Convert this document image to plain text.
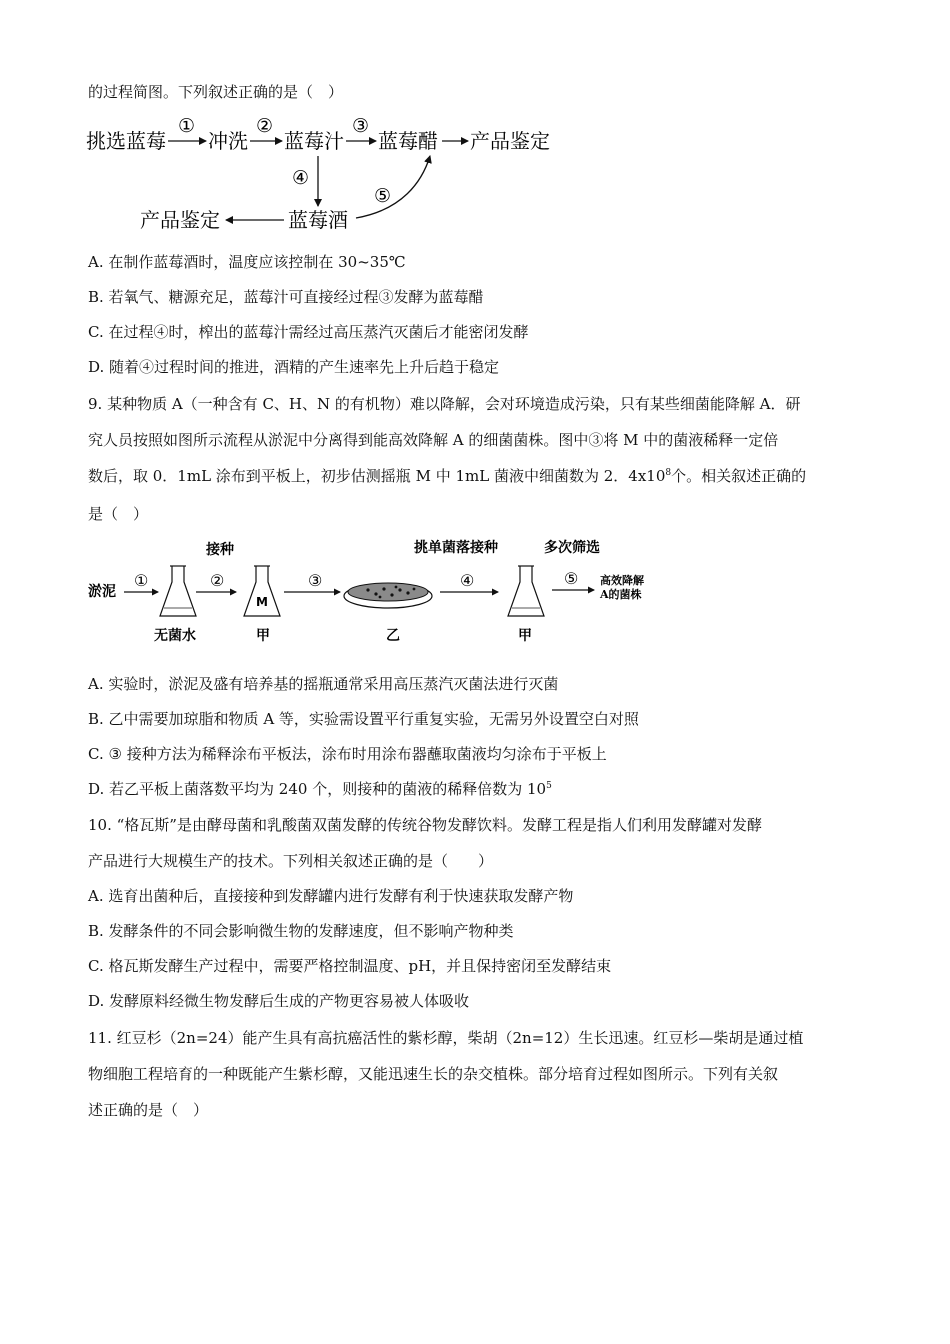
的过程简图。下列叙述正确的是（　）
挑选蓝莓 冲洗 蓝莓汁 蓝莓醋 产品鉴定
蓝莓酒
产品鉴定
①	②	③
④
⑤
A. 在制作蓝莓酒时，温度应该控制在 30~35℃
B. 若氧气、糖源充足，蓝莓汁可直接经过程③发酵为蓝莓醋
C. 在过程④时，榨出的蓝莓汁需经过高压蒸汽灭菌后才能密闭发酵
D. 随着④过程时间的推进，酒精的产生速率先上升后趋于稳定
9. 某种物质 A（一种含有 C、H、N 的有机物）难以降解，会对环境造成污染，只有某些细菌能降解 A．研
究人员按照如图所示流程从淤泥中分离得到能高效降解 A 的细菌菌株。图中③将 M 中的菌液稀释一定倍
数后，取 0．1mL 涂布到平板上，初步估测摇瓶 M 中 1mL 菌液中细菌数为 2．$4x10^8$个。相关叙述正确的
是（　）
接种	挑单菌落接种	多次筛选
淤泥
无菌水	甲	乙	甲
高效降解
A的菌株
①	②	③	④	⑤
M
A. 实验时，淤泥及盛有培养基的摇瓶通常采用高压蒸汽灭菌法进行灭菌
B. 乙中需要加琼脂和物质 A 等，实验需设置平行重复实验，无需另外设置空白对照
C. ③ 接种方法为稀释涂布平板法，涂布时用涂布器蘸取菌液均匀涂布于平板上
D. 若乙平板上菌落数平均为 240 个，则接种的菌液的稀释倍数为 $10^5$
10. “格瓦斯”是由酵母菌和乳酸菌双菌发酵的传统谷物发酵饮料。发酵工程是指人们利用发酵罐对发酵
产品进行大规模生产的技术。下列相关叙述正确的是（　　）
A. 选育出菌种后，直接接种到发酵罐内进行发酵有利于快速获取发酵产物
B. 发酵条件的不同会影响微生物的发酵速度，但不影响产物种类
C. 格瓦斯发酵生产过程中，需要严格控制温度、pH，并且保持密闭至发酵结束
D. 发酵原料经微生物发酵后生成的产物更容易被人体吸收
11. 红豆杉（2n=24）能产生具有高抗癌活性的紫杉醇，柴胡（2n=12）生长迅速。红豆杉—柴胡是通过植
物细胞工程培育的一种既能产生紫杉醇，又能迅速生长的杂交植株。部分培育过程如图所示。下列有关叙
述正确的是（　）
